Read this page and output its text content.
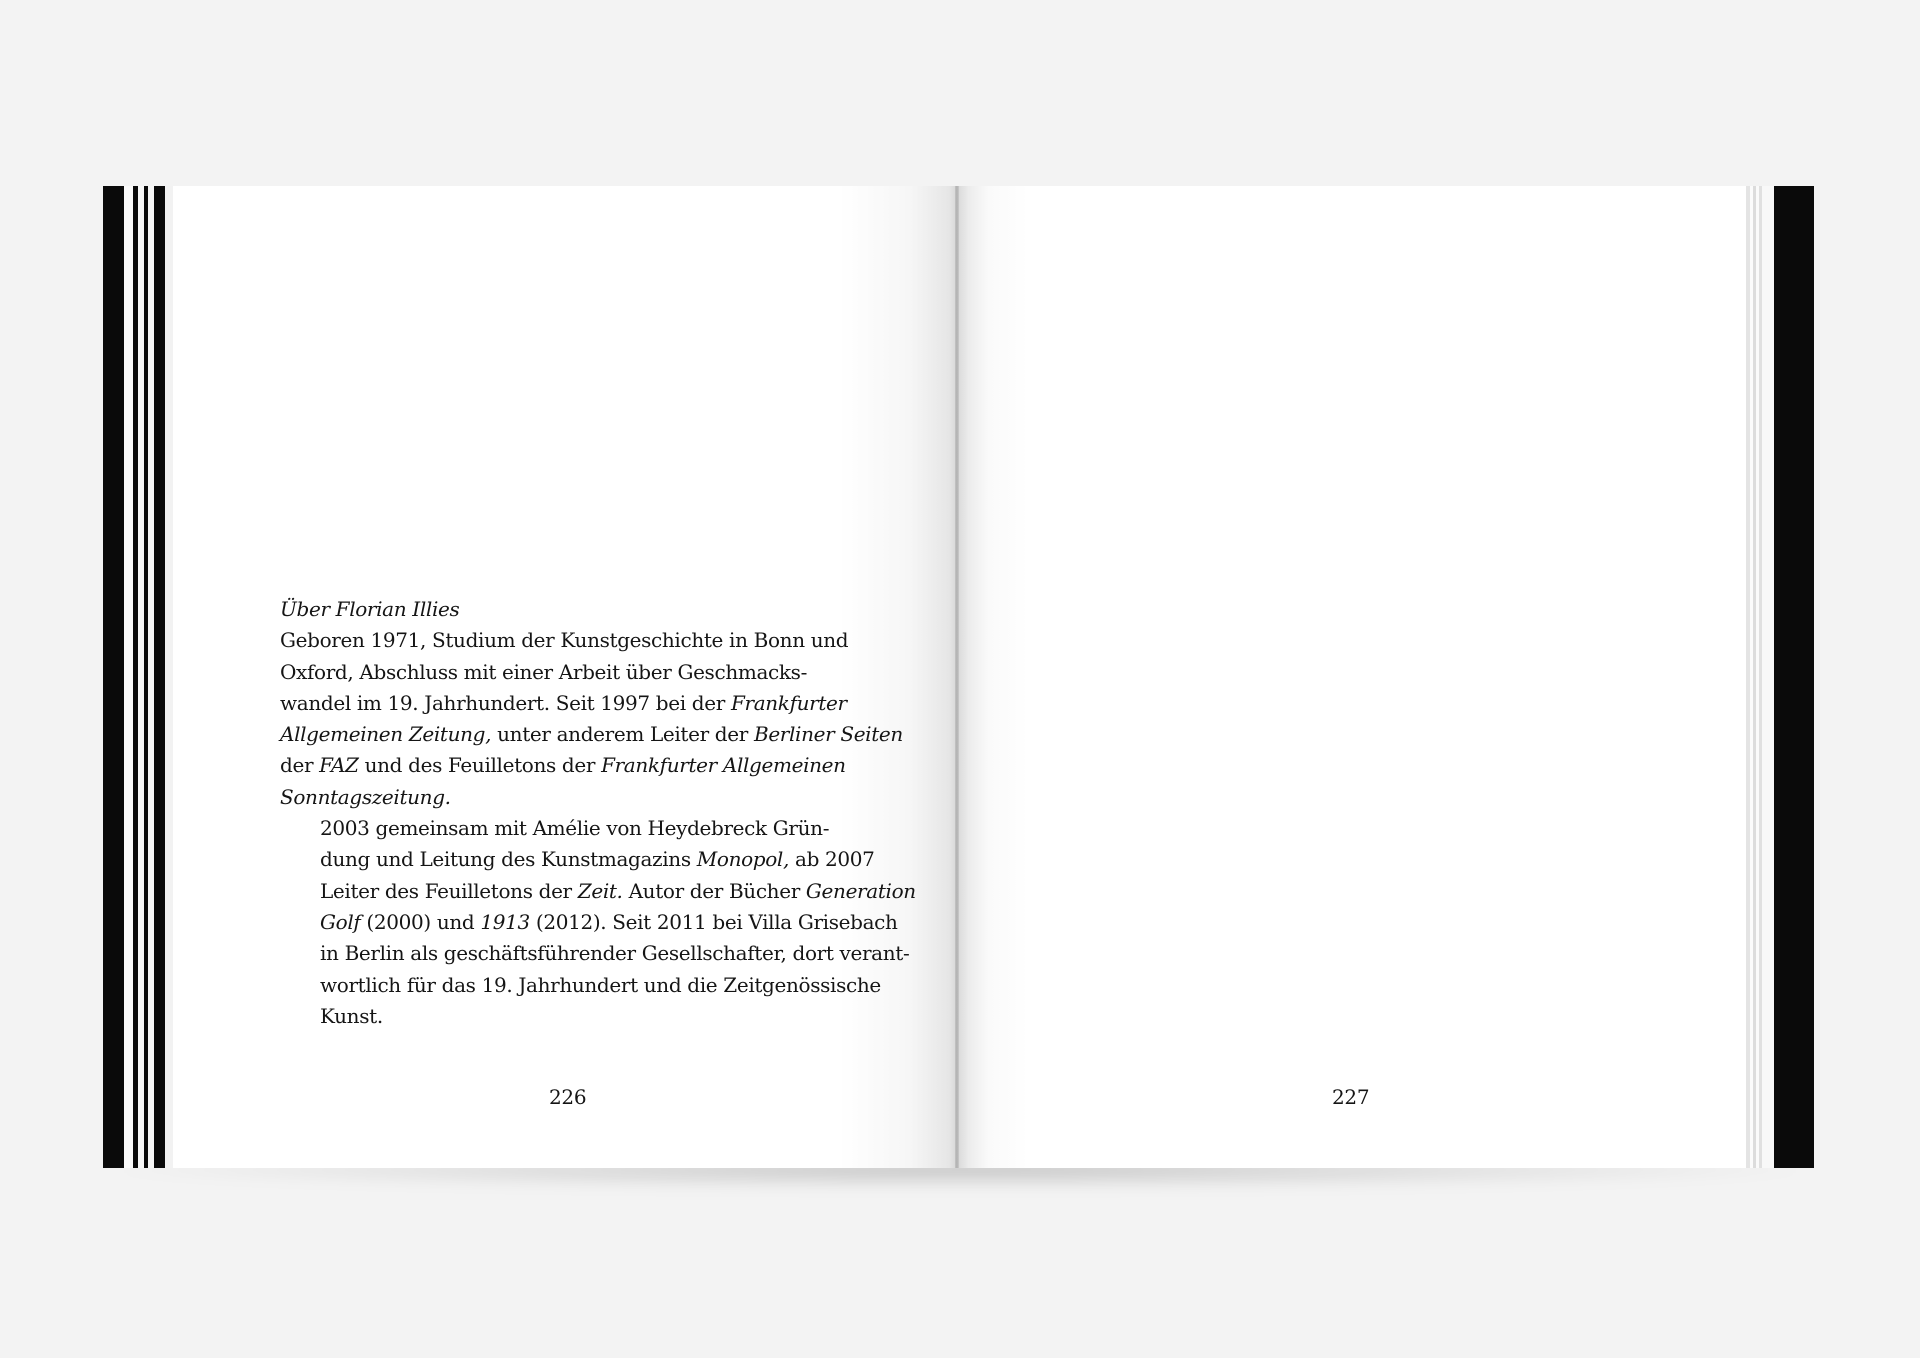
Über Florian Illies

Geboren 1971, Studium der Kunstgeschichte in Bonn und
Oxford, Abschluss mit einer Arbeit über Geschmacks-
wandel im 19. Jahrhundert. Seit 1997 bei der Frankfurter
Allgemeinen Zeitung, unter anderem Leiter der Berliner Seiten
der FAZ und des Feuilletons der Frankfurter Allgemeinen
Sonntagszeitung.

2003 gemeinsam mit Amélie von Heydebreck Grün-
dung und Leitung des Kunstmagazins Monopol, ab 2007
Leiter des Feuilletons der Zeit. Autor der Bücher Generation
Golf (2000) und 1913 (2012). Seit 2011 bei Villa Grisebach
in Berlin als geschäftsführender Gesellschafter, dort verant-
wortlich für das 19. Jahrhundert und die Zeitgenössische
Kunst.

226	227
